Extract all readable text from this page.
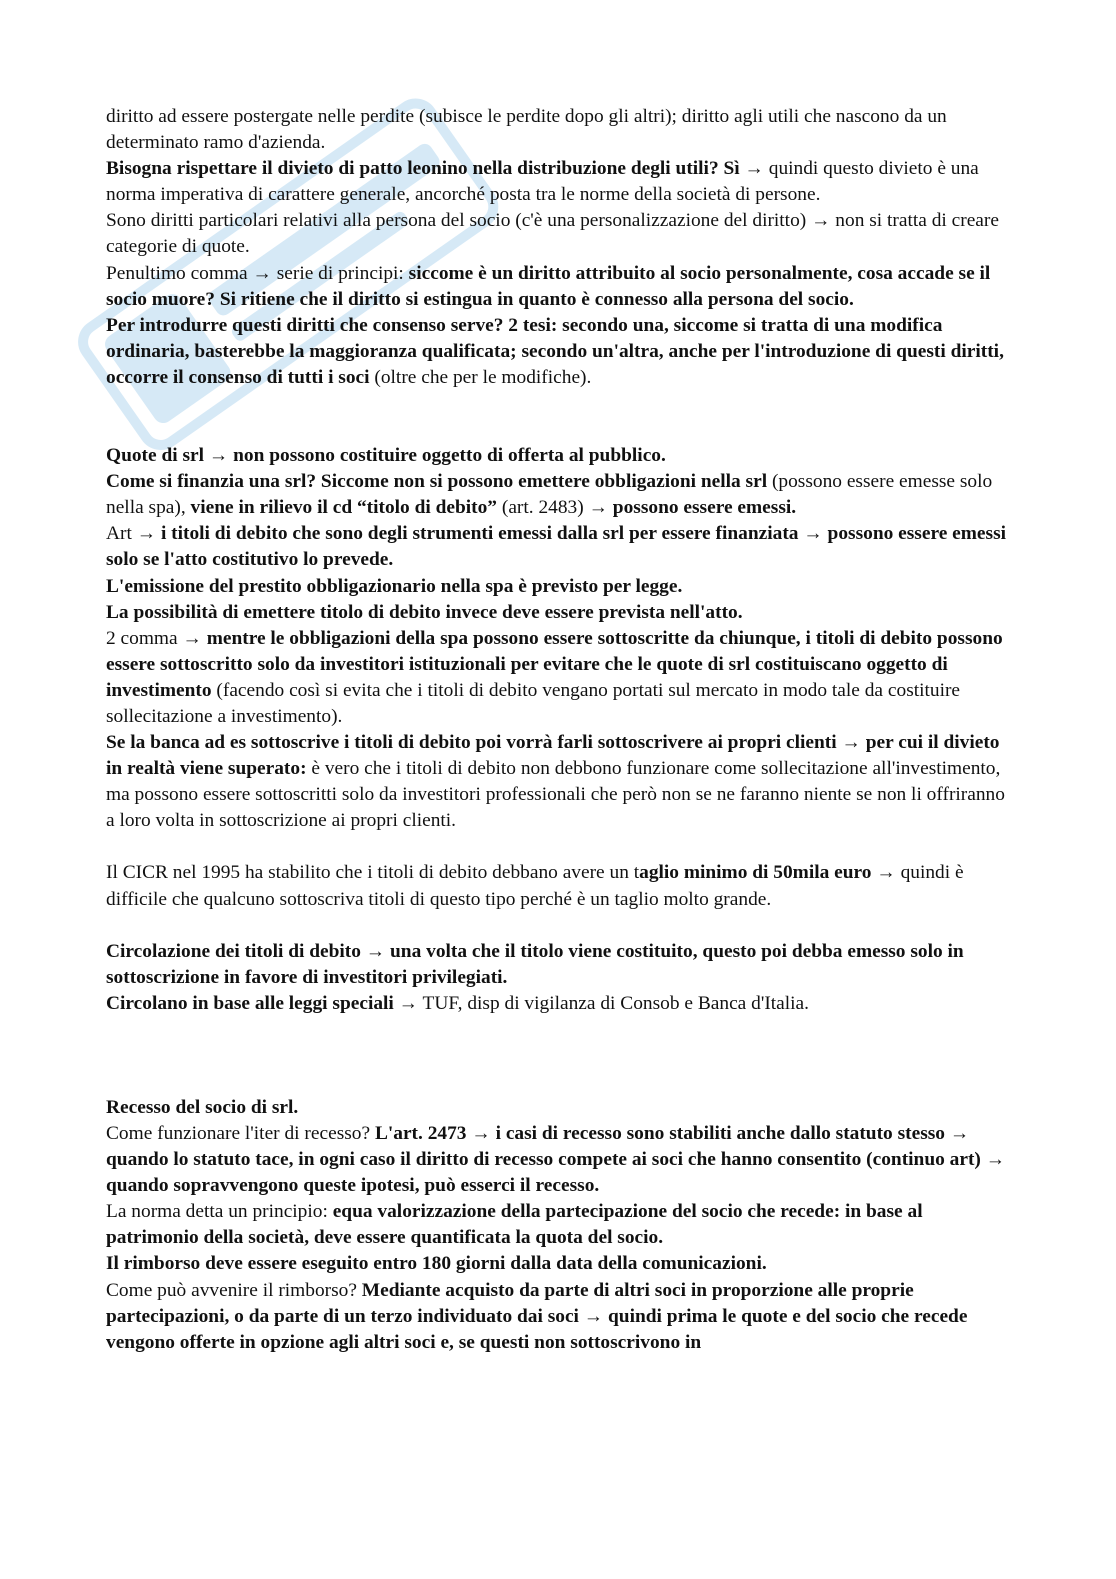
diritto ad essere postergate nelle perdite (subisce le perdite dopo gli altri); diritto agli utili che nascono da un determinato ramo d'azienda.

Bisogna rispettare il divieto di patto leonino nella distribuzione degli utili? Sì → quindi questo divieto è una norma imperativa di carattere generale, ancorché posta tra le norme della società di persone.

Sono diritti particolari relativi alla persona del socio (c'è una personalizzazione del diritto) → non si tratta di creare categorie di quote.

Penultimo comma → serie di principi: siccome è un diritto attribuito al socio personalmente, cosa accade se il socio muore? Si ritiene che il diritto si estingua in quanto è connesso alla persona del socio.

Per introdurre questi diritti che consenso serve? 2 tesi: secondo una, siccome si tratta di una modifica ordinaria, basterebbe la maggioranza qualificata; secondo un'altra, anche per l'introduzione di questi diritti, occorre il consenso di tutti i soci (oltre che per le modifiche).

Quote di srl → non possono costituire oggetto di offerta al pubblico.

Come si finanzia una srl? Siccome non si possono emettere obbligazioni nella srl (possono essere emesse solo nella spa), viene in rilievo il cd “titolo di debito” (art. 2483) → possono essere emessi.

Art → i titoli di debito che sono degli strumenti emessi dalla srl per essere finanziata → possono essere emessi solo se l'atto costitutivo lo prevede.

L'emissione del prestito obbligazionario nella spa è previsto per legge.

La possibilità di emettere titolo di debito invece deve essere prevista nell'atto.

2 comma → mentre le obbligazioni della spa possono essere sottoscritte da chiunque, i titoli di debito possono essere sottoscritto solo da investitori istituzionali per evitare che le quote di srl costituiscano oggetto di investimento (facendo così si evita che i titoli di debito vengano portati sul mercato in modo tale da costituire sollecitazione a investimento).

Se la banca ad es sottoscrive i titoli di debito poi vorrà farli sottoscrivere ai propri clienti → per cui il divieto in realtà viene superato: è vero che i titoli di debito non debbono funzionare come sollecitazione all'investimento, ma possono essere sottoscritti solo da investitori professionali che però non se ne faranno niente se non li offriranno a loro volta in sottoscrizione ai propri clienti.

Il CICR nel 1995 ha stabilito che i titoli di debito debbano avere un taglio minimo di 50mila euro → quindi è difficile che qualcuno sottoscriva titoli di questo tipo perché è un taglio molto grande.

Circolazione dei titoli di debito → una volta che il titolo viene costituito, questo poi debba emesso solo in sottoscrizione in favore di investitori privilegiati.

Circolano in base alle leggi speciali → TUF, disp di vigilanza di Consob e Banca d'Italia.

Recesso del socio di srl.

Come funzionare l'iter di recesso? L'art. 2473 → i casi di recesso sono stabiliti anche dallo statuto stesso → quando lo statuto tace, in ogni caso il diritto di recesso compete ai soci che hanno consentito (continuo art) → quando sopravvengono queste ipotesi, può esserci il recesso.

La norma detta un principio: equa valorizzazione della partecipazione del socio che recede: in base al patrimonio della società, deve essere quantificata la quota del socio.

Il rimborso deve essere eseguito entro 180 giorni dalla data della comunicazioni.

Come può avvenire il rimborso? Mediante acquisto da parte di altri soci in proporzione alle proprie partecipazioni, o da parte di un terzo individuato dai soci → quindi prima le quote e del socio che recede vengono offerte in opzione agli altri soci e, se questi non sottoscrivono in
